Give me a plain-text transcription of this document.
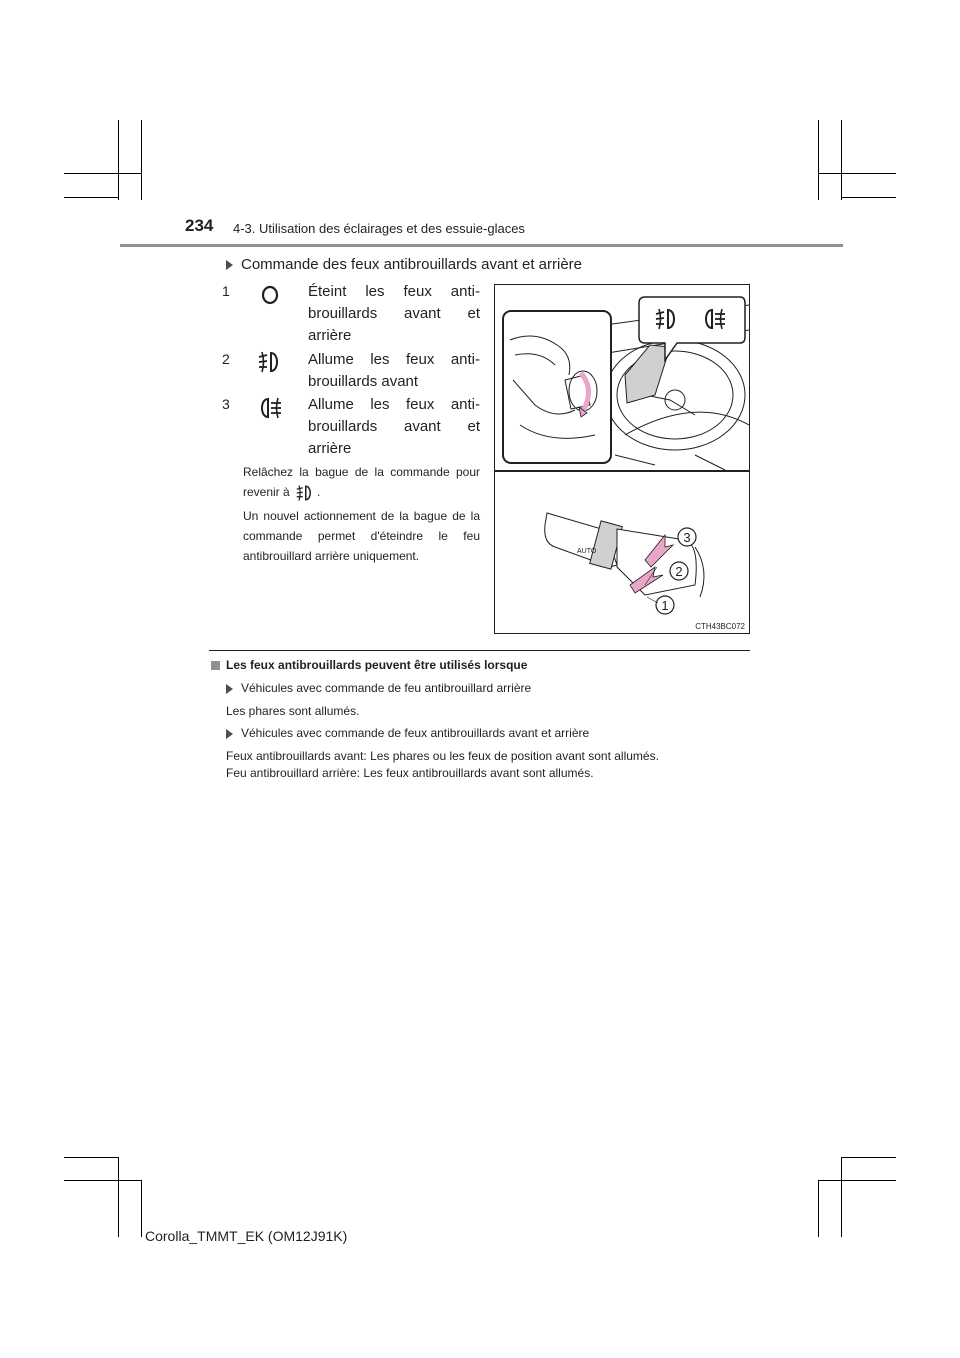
234 4-3. Utilisation des éclairages et des essuie-glaces
Commande des feux antibrouillards avant et arrière
1	Éteint les feux anti-brouillards avant et arrière
2	Allume les feux anti-brouillards avant
3	Allume les feux anti-brouillards avant et arrière
Relâchez la bague de la commande pour revenir à .
Un nouvel actionnement de la bague de la commande permet d'éteindre le feu antibrouillard arrière uniquement.	AUTO
3
2
1
CTH43BC072
Les feux antibrouillards peuvent être utilisés lorsque
Véhicules avec commande de feu antibrouillard arrière
Les phares sont allumés.
Véhicules avec commande de feux antibrouillards avant et arrière
Feux antibrouillards avant: Les phares ou les feux de position avant sont allumés.
Feu antibrouillard arrière: Les feux antibrouillards avant sont allumés.
Corolla_TMMT_EK (OM12J91K)
